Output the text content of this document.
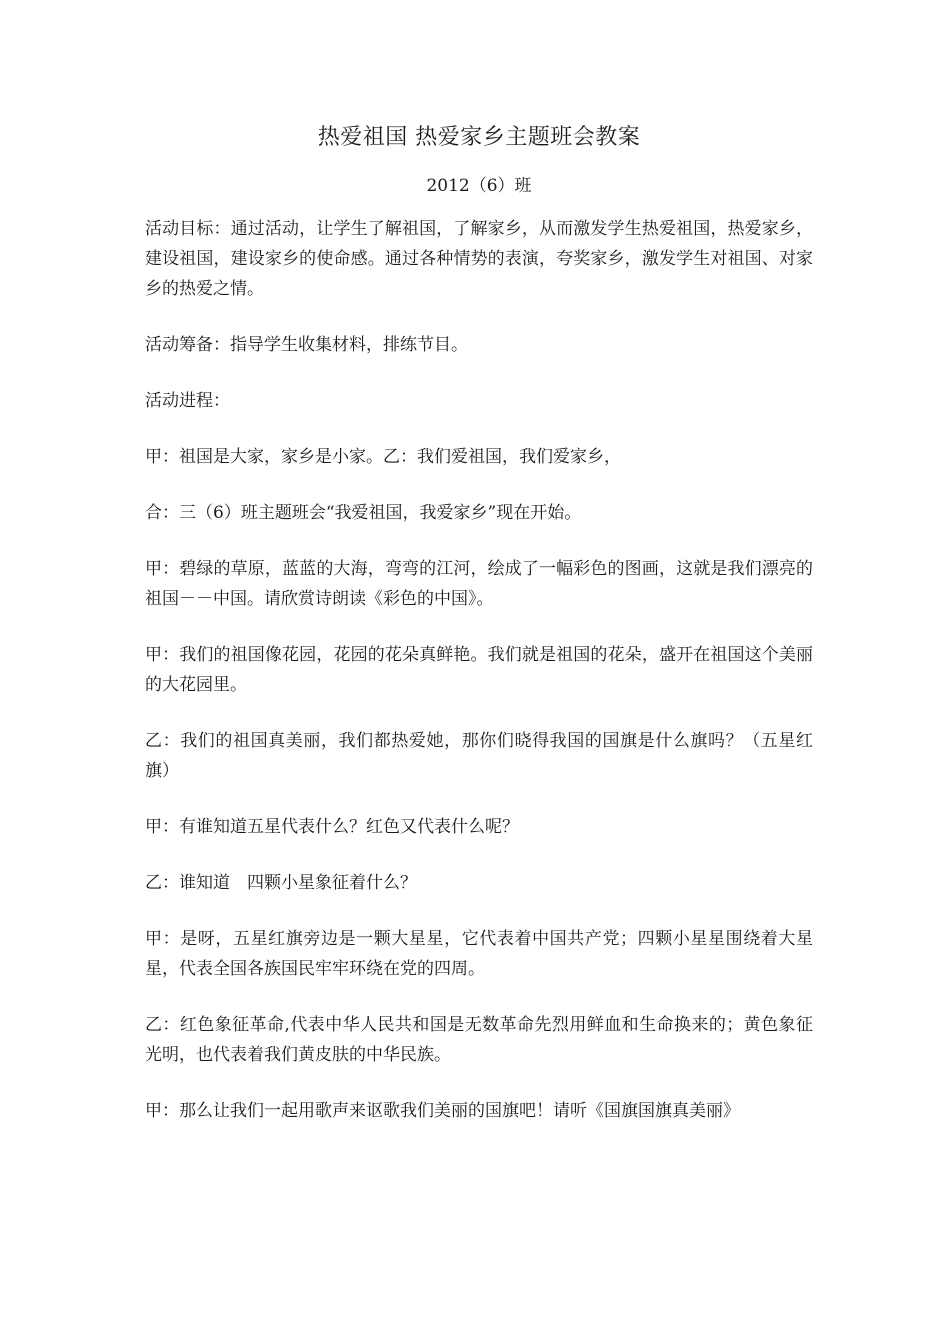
热爱祖国 热爱家乡主题班会教案
2012（6）班

活动目标：通过活动，让学生了解祖国，了解家乡，从而激发学生热爱祖国，热爱家乡，建设祖国，建设家乡的使命感。通过各种情势的表演，夸奖家乡，激发学生对祖国、对家乡的热爱之情。

活动筹备：指导学生收集材料，排练节目。

活动进程：

甲：祖国是大家，家乡是小家。乙：我们爱祖国，我们爱家乡，

合：三（6）班主题班会“我爱祖国，我爱家乡”现在开始。

甲：碧绿的草原，蓝蓝的大海，弯弯的江河，绘成了一幅彩色的图画，这就是我们漂亮的祖国－－中国。请欣赏诗朗读《彩色的中国》。

甲：我们的祖国像花园，花园的花朵真鲜艳。我们就是祖国的花朵，盛开在祖国这个美丽的大花园里。

乙：我们的祖国真美丽，我们都热爱她，那你们晓得我国的国旗是什么旗吗？（五星红旗）

甲：有谁知道五星代表什么？红色又代表什么呢？

乙：谁知道　四颗小星象征着什么？

甲：是呀，五星红旗旁边是一颗大星星，它代表着中国共产党；四颗小星星围绕着大星星，代表全国各族国民牢牢环绕在党的四周。

乙：红色象征革命,代表中华人民共和国是无数革命先烈用鲜血和生命换来的；黄色象征光明，也代表着我们黄皮肤的中华民族。

甲：那么让我们一起用歌声来讴歌我们美丽的国旗吧！请听《国旗国旗真美丽》
